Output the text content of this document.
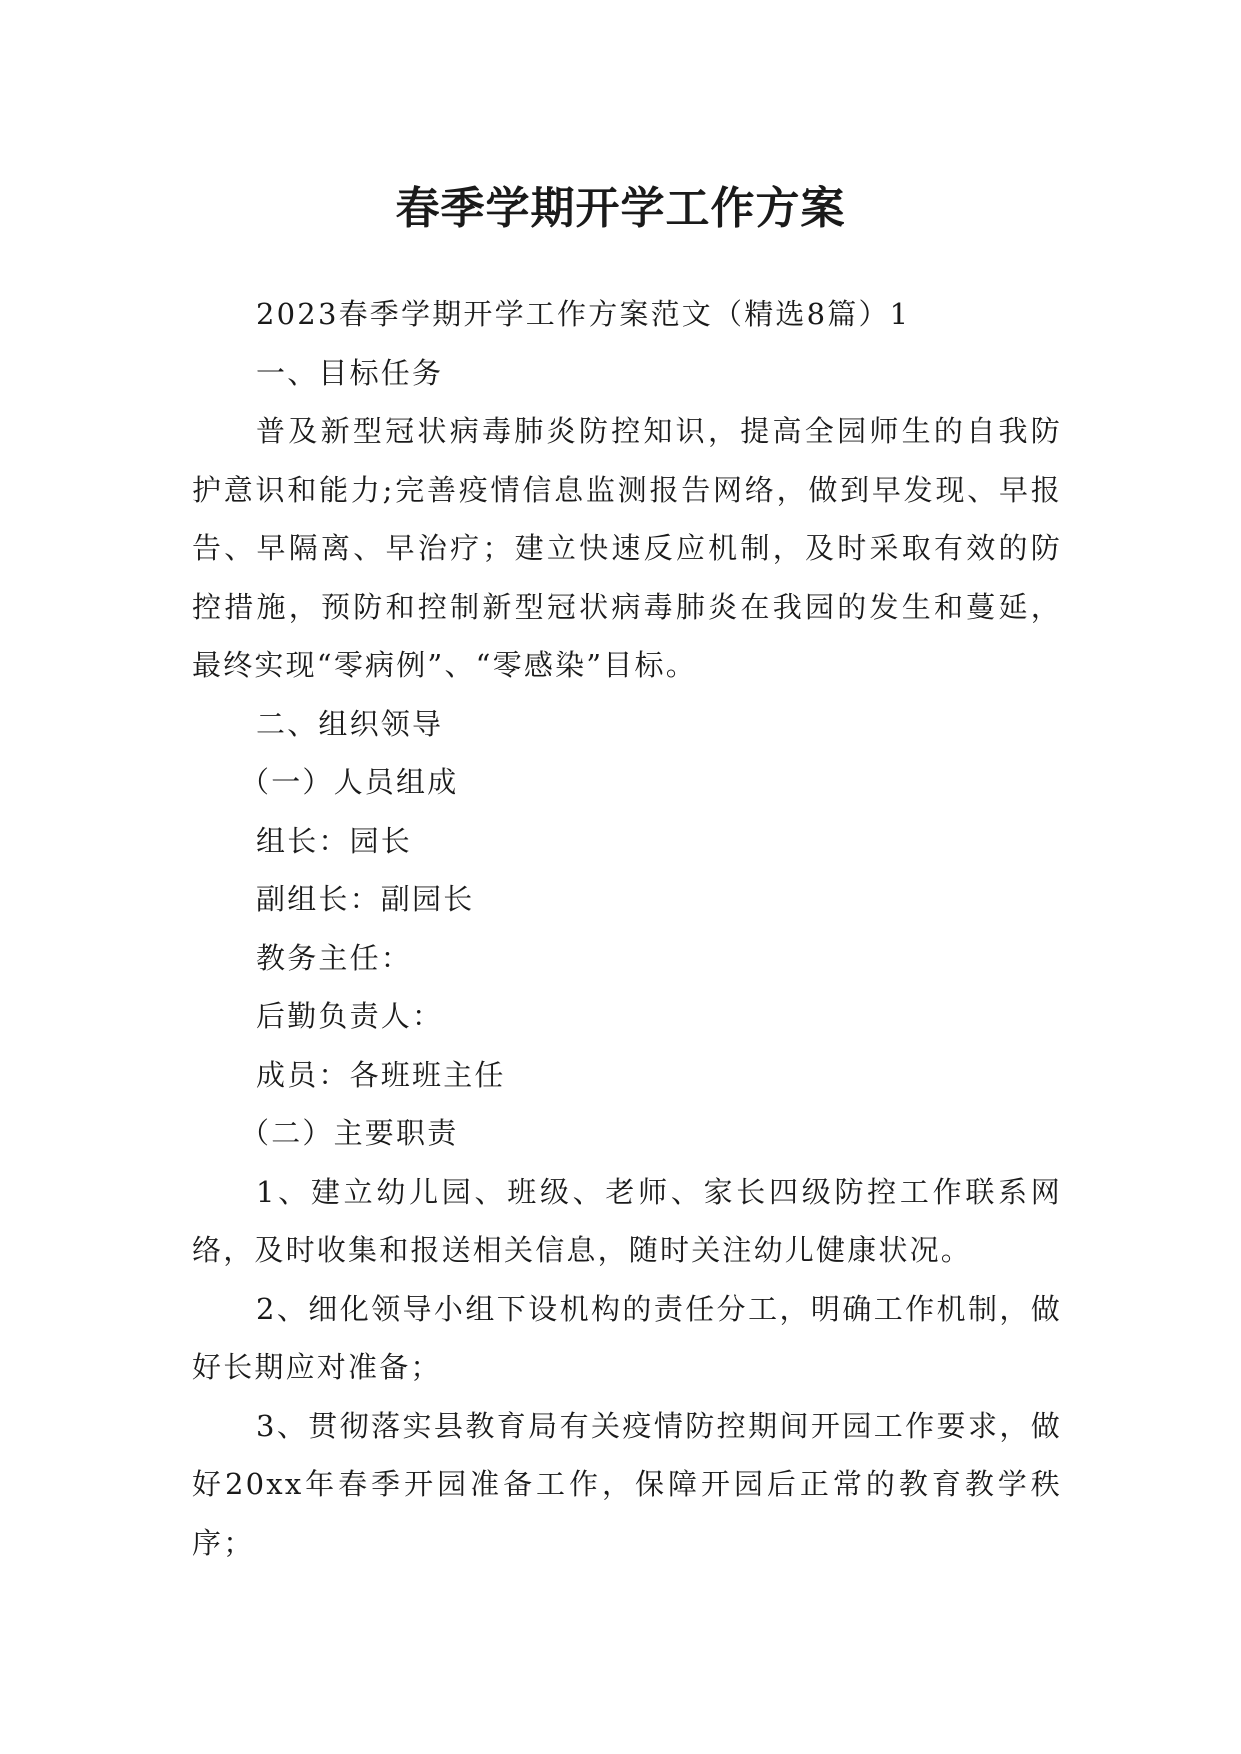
春季学期开学工作方案

2023春季学期开学工作方案范文（精选8篇）1

一、目标任务

普及新型冠状病毒肺炎防控知识，提高全园师生的自我防护意识和能力;完善疫情信息监测报告网络，做到早发现、早报告、早隔离、早治疗；建立快速反应机制，及时采取有效的防控措施，预防和控制新型冠状病毒肺炎在我园的发生和蔓延，最终实现“零病例”、“零感染”目标。

二、组织领导

（一）人员组成

组长：园长

副组长：副园长

教务主任：

后勤负责人：

成员：各班班主任

（二）主要职责

1、建立幼儿园、班级、老师、家长四级防控工作联系网络，及时收集和报送相关信息，随时关注幼儿健康状况。

2、细化领导小组下设机构的责任分工，明确工作机制，做好长期应对准备；

3、贯彻落实县教育局有关疫情防控期间开园工作要求，做好20xx年春季开园准备工作，保障开园后正常的教育教学秩序；
